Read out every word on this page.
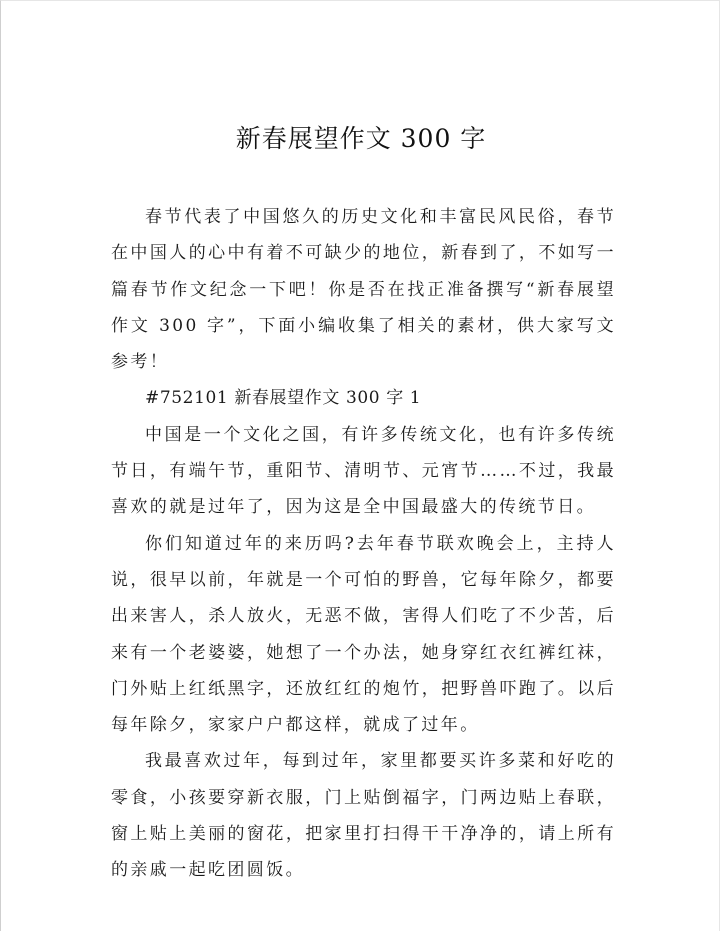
新春展望作文 300 字

春节代表了中国悠久的历史文化和丰富民风民俗，春节在中国人的心中有着不可缺少的地位，新春到了，不如写一篇春节作文纪念一下吧！你是否在找正准备撰写“新春展望作文 300 字”，下面小编收集了相关的素材，供大家写文参考！

#752101 新春展望作文 300 字 1

中国是一个文化之国，有许多传统文化，也有许多传统节日，有端午节，重阳节、清明节、元宵节……不过，我最喜欢的就是过年了，因为这是全中国最盛大的传统节日。

你们知道过年的来历吗?去年春节联欢晚会上，主持人说，很早以前，年就是一个可怕的野兽，它每年除夕，都要出来害人，杀人放火，无恶不做，害得人们吃了不少苦，后来有一个老婆婆，她想了一个办法，她身穿红衣红裤红袜，门外贴上红纸黑字，还放红红的炮竹，把野兽吓跑了。以后每年除夕，家家户户都这样，就成了过年。

我最喜欢过年，每到过年，家里都要买许多菜和好吃的零食，小孩要穿新衣服，门上贴倒福字，门两边贴上春联，窗上贴上美丽的窗花，把家里打扫得干干净净的，请上所有的亲戚一起吃团圆饭。
